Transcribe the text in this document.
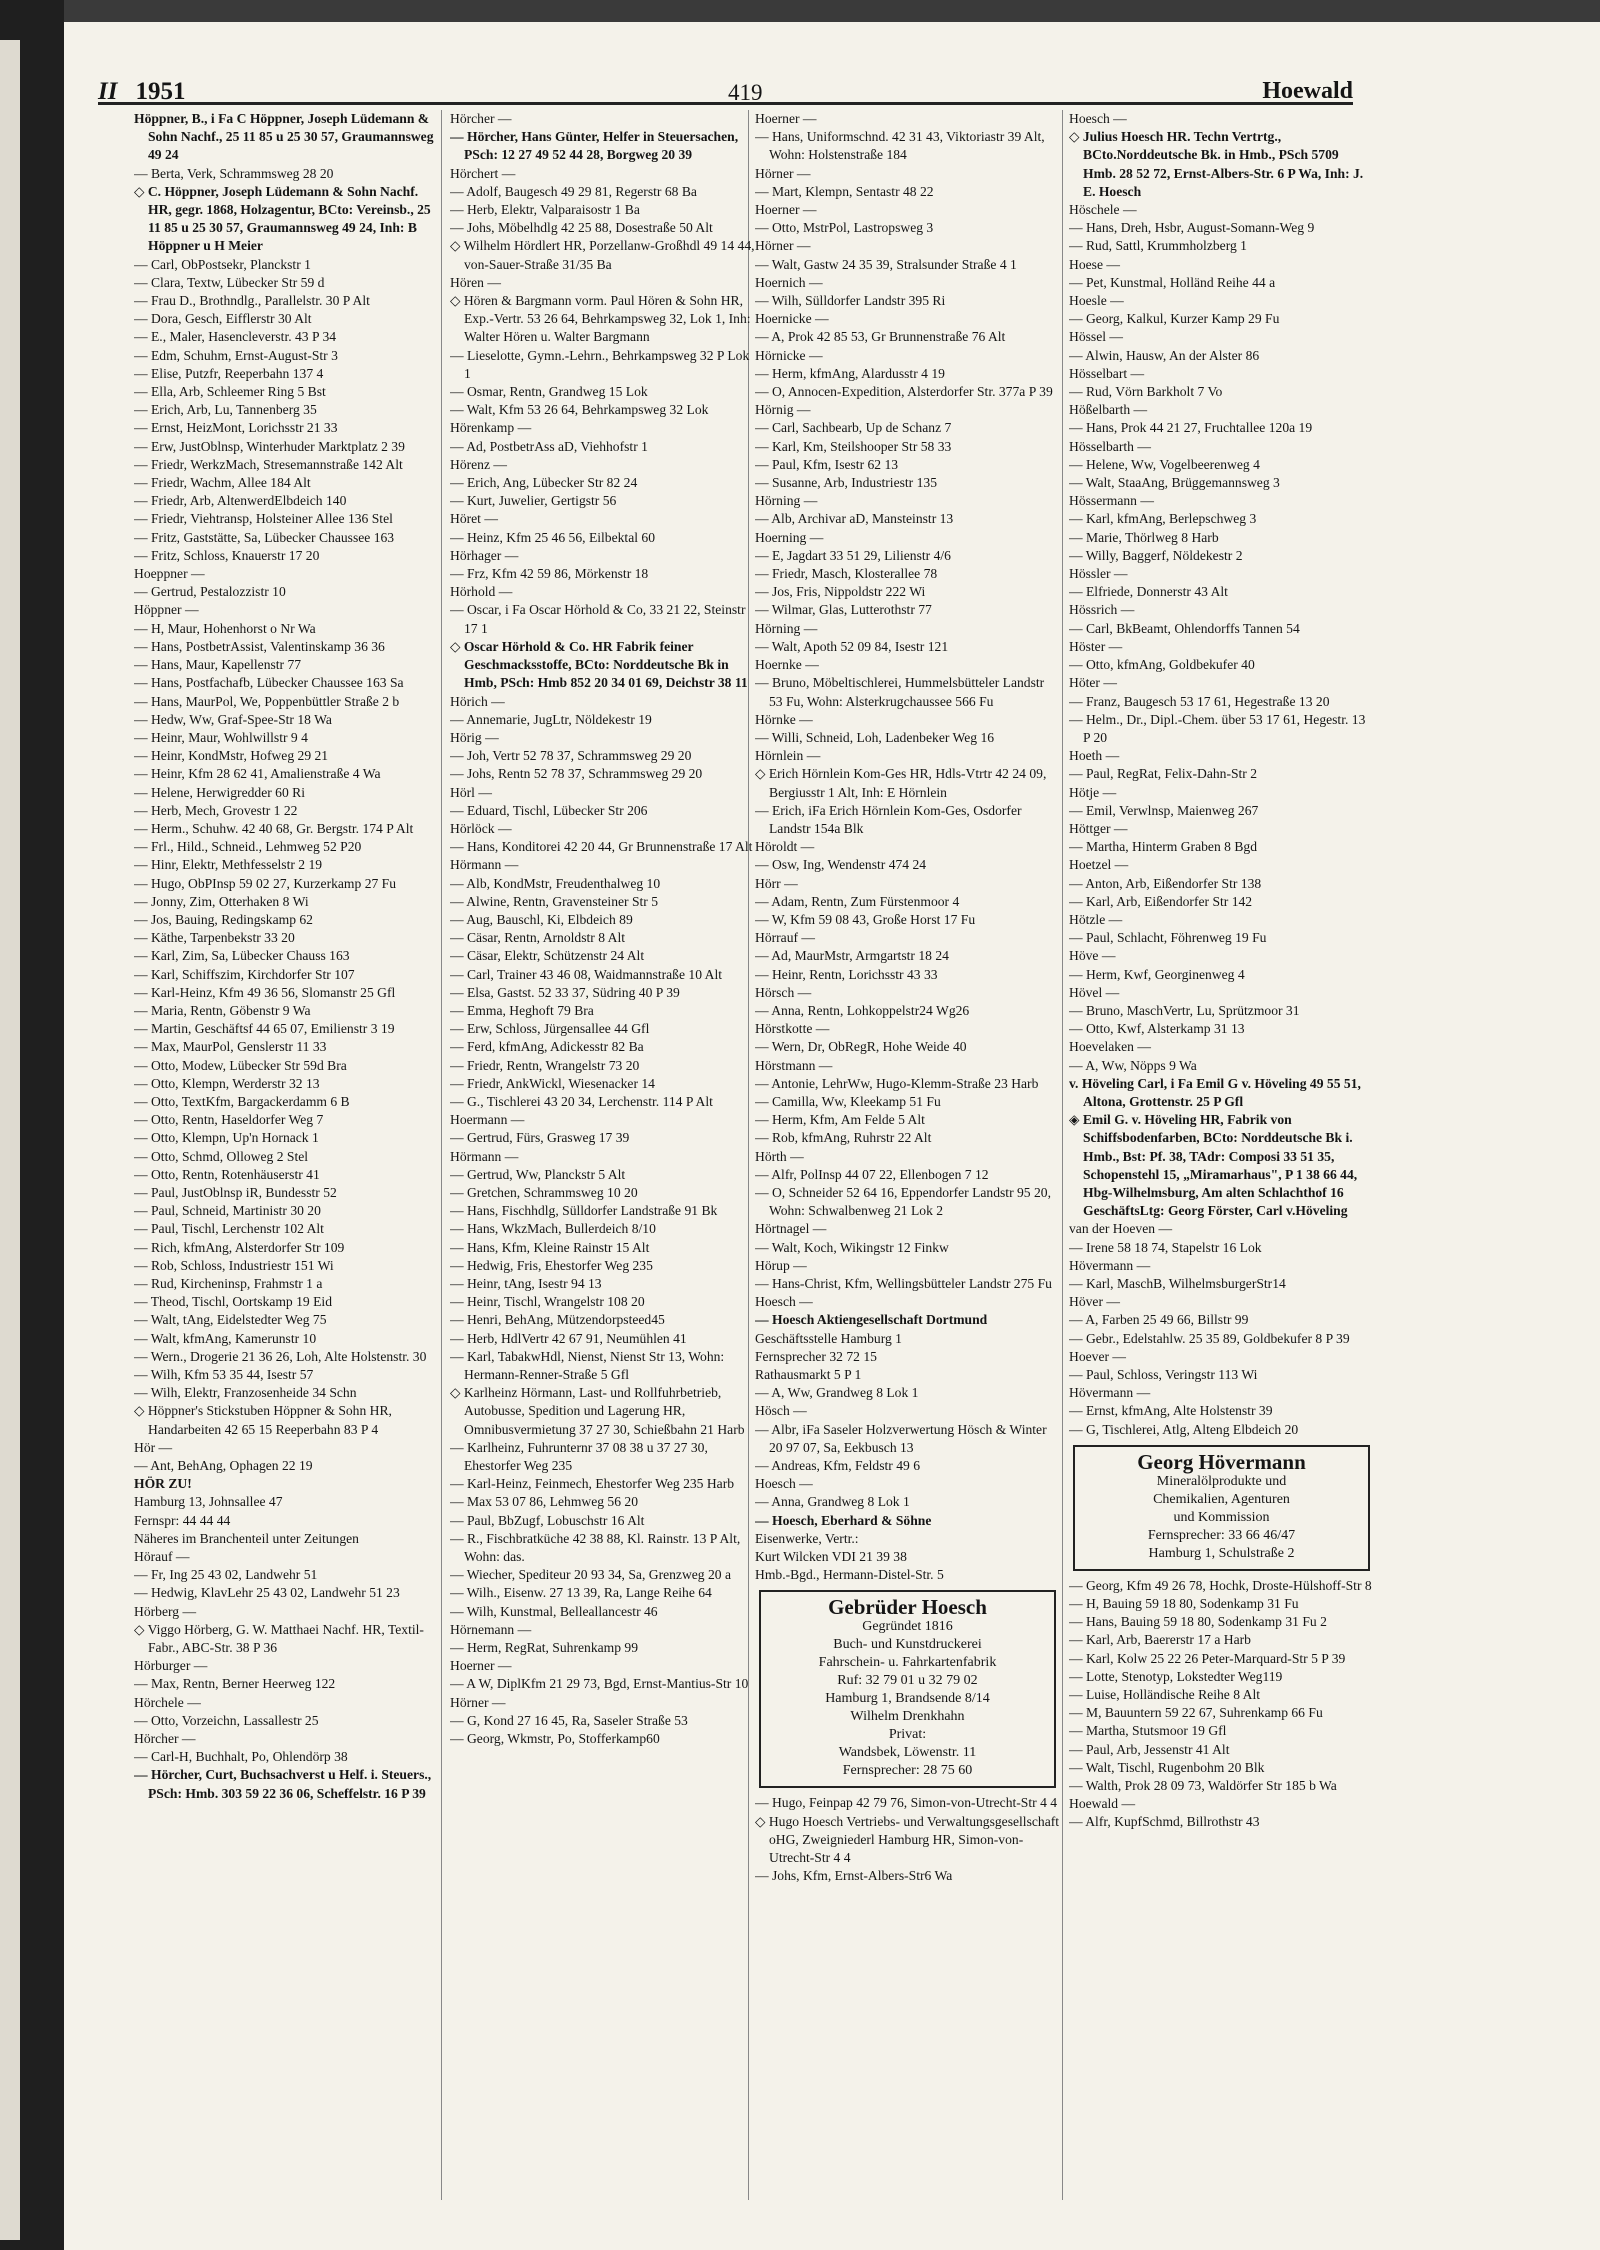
II 1951	419	Hoewald
Höppner, B., i Fa C Höppner, Joseph Lüdemann & Sohn Nachf., 25 11 85 u 25 30 57, Graumannsweg 49 24
— Berta, Verk, Schrammsweg 28 20
◇ C. Höppner, Joseph Lüdemann & Sohn Nachf. HR, gegr. 1868, Holzagentur, BCto: Vereinsb., 25 11 85 u 25 30 57, Graumannsweg 49 24, Inh: B Höppner u H Meier
— Carl, ObPostsekr, Planckstr 1
— Clara, Textw, Lübecker Str 59 d
— Frau D., Brothndlg., Parallelstr. 30 P Alt
— Dora, Gesch, Eifflerstr 30 Alt
— E., Maler, Hasencleverstr. 43 P 34
— Edm, Schuhm, Ernst-August-Str 3
— Elise, Putzfr, Reeperbahn 137 4
— Ella, Arb, Schleemer Ring 5 Bst
— Erich, Arb, Lu, Tannenberg 35
— Ernst, HeizMont, Lorichsstr 21 33
— Erw, JustOblnsp, Winterhuder Marktplatz 2 39
— Friedr, WerkzMach, Stresemannstraße 142 Alt
— Friedr, Wachm, Allee 184 Alt
— Friedr, Arb, AltenwerdElbdeich 140
— Friedr, Viehtransp, Holsteiner Allee 136 Stel
— Fritz, Gaststätte, Sa, Lübecker Chaussee 163
— Fritz, Schloss, Knauerstr 17 20
Hoeppner —
— Gertrud, Pestalozzistr 10
Höppner —
— H, Maur, Hohenhorst o Nr Wa
— Hans, PostbetrAssist, Valentinskamp 36 36
— Hans, Maur, Kapellenstr 77
— Hans, Postfachafb, Lübecker Chaussee 163 Sa
— Hans, MaurPol, We, Poppenbüttler Straße 2 b
— Hedw, Ww, Graf-Spee-Str 18 Wa
— Heinr, Maur, Wohlwillstr 9 4
— Heinr, KondMstr, Hofweg 29 21
— Heinr, Kfm 28 62 41, Amalienstraße 4 Wa
— Helene, Herwigredder 60 Ri
— Herb, Mech, Grovestr 1 22
— Herm., Schuhw. 42 40 68, Gr. Bergstr. 174 P Alt
— Frl., Hild., Schneid., Lehmweg 52 P20
— Hinr, Elektr, Methfesselstr 2 19
— Hugo, ObPInsp 59 02 27, Kurzerkamp 27 Fu
— Jonny, Zim, Otterhaken 8 Wi
— Jos, Bauing, Redingskamp 62
— Käthe, Tarpenbekstr 33 20
— Karl, Zim, Sa, Lübecker Chauss 163
— Karl, Schiffszim, Kirchdorfer Str 107
— Karl-Heinz, Kfm 49 36 56, Slomanstr 25 Gfl
— Maria, Rentn, Göbenstr 9 Wa
— Martin, Geschäftsf 44 65 07, Emilienstr 3 19
— Max, MaurPol, Genslerstr 11 33
— Otto, Modew, Lübecker Str 59d Bra
— Otto, Klempn, Werderstr 32 13
— Otto, TextKfm, Bargackerdamm 6 B
— Otto, Rentn, Haseldorfer Weg 7
— Otto, Klempn, Up'n Hornack 1
— Otto, Schmd, Olloweg 2 Stel
— Otto, Rentn, Rotenhäuserstr 41
— Paul, JustOblnsp iR, Bundesstr 52
— Paul, Schneid, Martinistr 30 20
— Paul, Tischl, Lerchenstr 102 Alt
— Rich, kfmAng, Alsterdorfer Str 109
— Rob, Schloss, Industriestr 151 Wi
— Rud, Kircheninsp, Frahmstr 1 a
— Theod, Tischl, Oortskamp 19 Eid
— Walt, tAng, Eidelstedter Weg 75
— Walt, kfmAng, Kamerunstr 10
— Wern., Drogerie 21 36 26, Loh, Alte Holstenstr. 30
— Wilh, Kfm 53 35 44, Isestr 57
— Wilh, Elektr, Franzosenheide 34 Schn
◇ Höppner's Stickstuben Höppner & Sohn HR, Handarbeiten 42 65 15 Reeperbahn 83 P 4
Hör —
— Ant, BehAng, Ophagen 22 19
HÖR ZU!
Hamburg 13, Johnsallee 47
Fernspr: 44 44 44
Näheres im Branchenteil unter Zeitungen
Hörauf —
— Fr, Ing 25 43 02, Landwehr 51
— Hedwig, KlavLehr 25 43 02, Landwehr 51 23
Hörberg —
◇ Viggo Hörberg, G. W. Matthaei Nachf. HR, Textil-Fabr., ABC-Str. 38 P 36
Hörburger —
— Max, Rentn, Berner Heerweg 122
Hörchele —
— Otto, Vorzeichn, Lassallestr 25
Hörcher —
— Carl-H, Buchhalt, Po, Ohlendörp 38
— Hörcher, Curt, Buchsachverst u Helf. i. Steuers., PSch: Hmb. 303 59 22 36 06, Scheffelstr. 16 P 39
Hörcher —
— Hörcher, Hans Günter, Helfer in Steuersachen, PSch: 12 27 49 52 44 28, Borgweg 20 39
Hörchert —
— Adolf, Baugesch 49 29 81, Regerstr 68 Ba
— Herb, Elektr, Valparaisostr 1 Ba
— Johs, Möbelhdlg 42 25 88, Dosestraße 50 Alt
◇ Wilhelm Hördlert HR, Porzellanw-Großhdl 49 14 44, von-Sauer-Straße 31/35 Ba
Hören —
◇ Hören & Bargmann vorm. Paul Hören & Sohn HR, Exp.-Vertr. 53 26 64, Behrkampsweg 32, Lok 1, Inh: Walter Hören u. Walter Bargmann
— Lieselotte, Gymn.-Lehrn., Behrkampsweg 32 P Lok 1
— Osmar, Rentn, Grandweg 15 Lok
— Walt, Kfm 53 26 64, Behrkampsweg 32 Lok
Hörenkamp —
— Ad, PostbetrAss aD, Viehhofstr 1
Hörenz —
— Erich, Ang, Lübecker Str 82 24
— Kurt, Juwelier, Gertigstr 56
Höret —
— Heinz, Kfm 25 46 56, Eilbektal 60
Hörhager —
— Frz, Kfm 42 59 86, Mörkenstr 18
Hörhold —
— Oscar, i Fa Oscar Hörhold & Co, 33 21 22, Steinstr 17 1
◇ Oscar Hörhold & Co. HR Fabrik feiner Geschmacksstoffe, BCto: Norddeutsche Bk in Hmb, PSch: Hmb 852 20 34 01 69, Deichstr 38 11
Hörich —
— Annemarie, JugLtr, Nöldekestr 19
Hörig —
— Joh, Vertr 52 78 37, Schrammsweg 29 20
— Johs, Rentn 52 78 37, Schrammsweg 29 20
Hörl —
— Eduard, Tischl, Lübecker Str 206
Hörlöck —
— Hans, Konditorei 42 20 44, Gr Brunnenstraße 17 Alt
Hörmann —
— Alb, KondMstr, Freudenthalweg 10
— Alwine, Rentn, Gravensteiner Str 5
— Aug, Bauschl, Ki, Elbdeich 89
— Cäsar, Rentn, Arnoldstr 8 Alt
— Cäsar, Elektr, Schützenstr 24 Alt
— Carl, Trainer 43 46 08, Waidmannstraße 10 Alt
— Elsa, Gastst. 52 33 37, Südring 40 P 39
— Emma, Heghoft 79 Bra
— Erw, Schloss, Jürgensallee 44 Gfl
— Ferd, kfmAng, Adickesstr 82 Ba
— Friedr, Rentn, Wrangelstr 73 20
— Friedr, AnkWickl, Wiesenacker 14
— G., Tischlerei 43 20 34, Lerchenstr. 114 P Alt
Hoermann —
— Gertrud, Fürs, Grasweg 17 39
Hörmann —
— Gertrud, Ww, Planckstr 5 Alt
— Gretchen, Schrammsweg 10 20
— Hans, Fischhdlg, Sülldorfer Landstraße 91 Bk
— Hans, WkzMach, Bullerdeich 8/10
— Hans, Kfm, Kleine Rainstr 15 Alt
— Hedwig, Fris, Ehestorfer Weg 235
— Heinr, tAng, Isestr 94 13
— Heinr, Tischl, Wrangelstr 108 20
— Henri, BehAng, Mützendorpsteed45
— Herb, HdlVertr 42 67 91, Neumühlen 41
— Karl, TabakwHdl, Nienst, Nienst Str 13, Wohn: Hermann-Renner-Straße 5 Gfl
◇ Karlheinz Hörmann, Last- und Rollfuhrbetrieb, Autobusse, Spedition und Lagerung HR, Omnibusvermietung 37 27 30, Schießbahn 21 Harb
— Karlheinz, Fuhrunternr 37 08 38 u 37 27 30, Ehestorfer Weg 235
— Karl-Heinz, Feinmech, Ehestorfer Weg 235 Harb
— Max 53 07 86, Lehmweg 56 20
— Paul, BbZugf, Lobuschstr 16 Alt
— R., Fischbratküche 42 38 88, Kl. Rainstr. 13 P Alt, Wohn: das.
— Wiecher, Spediteur 20 93 34, Sa, Grenzweg 20 a
— Wilh., Eisenw. 27 13 39, Ra, Lange Reihe 64
— Wilh, Kunstmal, Belleallancestr 46
Hörnemann —
— Herm, RegRat, Suhrenkamp 99
Hoerner —
— A W, DiplKfm 21 29 73, Bgd, Ernst-Mantius-Str 10
Hörner —
— G, Kond 27 16 45, Ra, Saseler Straße 53
— Georg, Wkmstr, Po, Stofferkamp60
Hoerner —
— Hans, Uniformschnd. 42 31 43, Viktoriastr 39 Alt, Wohn: Holstenstraße 184
Hörner —
— Mart, Klempn, Sentastr 48 22
Hoerner —
— Otto, MstrPol, Lastropsweg 3
Hörner —
— Walt, Gastw 24 35 39, Stralsunder Straße 4 1
Hoernich —
— Wilh, Sülldorfer Landstr 395 Ri
Hoernicke —
— A, Prok 42 85 53, Gr Brunnenstraße 76 Alt
Hörnicke —
— Herm, kfmAng, Alardusstr 4 19
— O, Annocen-Expedition, Alsterdorfer Str. 377a P 39
Hörnig —
— Carl, Sachbearb, Up de Schanz 7
— Karl, Km, Steilshooper Str 58 33
— Paul, Kfm, Isestr 62 13
— Susanne, Arb, Industriestr 135
Hörning —
— Alb, Archivar aD, Mansteinstr 13
Hoerning —
— E, Jagdart 33 51 29, Lilienstr 4/6
— Friedr, Masch, Klosterallee 78
— Jos, Fris, Nippoldstr 222 Wi
— Wilmar, Glas, Lutterothstr 77
Hörning —
— Walt, Apoth 52 09 84, Isestr 121
Hoernke —
— Bruno, Möbeltischlerei, Hummelsbütteler Landstr 53 Fu, Wohn: Alsterkrugchaussee 566 Fu
Hörnke —
— Willi, Schneid, Loh, Ladenbeker Weg 16
Hörnlein —
◇ Erich Hörnlein Kom-Ges HR, Hdls-Vtrtr 42 24 09, Bergiusstr 1 Alt, Inh: E Hörnlein
— Erich, iFa Erich Hörnlein Kom-Ges, Osdorfer Landstr 154a Blk
Höroldt —
— Osw, Ing, Wendenstr 474 24
Hörr —
— Adam, Rentn, Zum Fürstenmoor 4
— W, Kfm 59 08 43, Große Horst 17 Fu
Hörrauf —
— Ad, MaurMstr, Armgartstr 18 24
— Heinr, Rentn, Lorichsstr 43 33
Hörsch —
— Anna, Rentn, Lohkoppelstr24 Wg26
Hörstkotte —
— Wern, Dr, ObRegR, Hohe Weide 40
Hörstmann —
— Antonie, LehrWw, Hugo-Klemm-Straße 23 Harb
— Camilla, Ww, Kleekamp 51 Fu
— Herm, Kfm, Am Felde 5 Alt
— Rob, kfmAng, Ruhrstr 22 Alt
Hörth —
— Alfr, PolInsp 44 07 22, Ellenbogen 7 12
— O, Schneider 52 64 16, Eppendorfer Landstr 95 20, Wohn: Schwalbenweg 21 Lok 2
Hörtnagel —
— Walt, Koch, Wikingstr 12 Finkw
Hörup —
— Hans-Christ, Kfm, Wellingsbütteler Landstr 275 Fu
Hoesch —
— Hoesch Aktiengesellschaft Dortmund
Geschäftsstelle Hamburg 1
Fernsprecher 32 72 15
Rathausmarkt 5 P 1
— A, Ww, Grandweg 8 Lok 1
Hösch —
— Albr, iFa Saseler Holzverwertung Hösch & Winter 20 97 07, Sa, Eekbusch 13
— Andreas, Kfm, Feldstr 49 6
Hoesch —
— Anna, Grandweg 8 Lok 1
— Hoesch, Eberhard & Söhne
Eisenwerke, Vertr.:
Kurt Wilcken VDI 21 39 38
Hmb.-Bgd., Hermann-Distel-Str. 5
Gebrüder Hoesch
Gegründet 1816
Buch- und Kunstdruckerei
Fahrschein- u. Fahrkartenfabrik
Ruf: 32 79 01 u 32 79 02
Hamburg 1, Brandsende 8/14
Wilhelm Drenkhahn
Privat:
Wandsbek, Löwenstr. 11
Fernsprecher: 28 75 60
— Hugo, Feinpap 42 79 76, Simon-von-Utrecht-Str 4 4
◇ Hugo Hoesch Vertriebs- und Verwaltungsgesellschaft oHG, Zweigniederl Hamburg HR, Simon-von-Utrecht-Str 4 4
— Johs, Kfm, Ernst-Albers-Str6 Wa
Hoesch —
◇ Julius Hoesch HR. Techn Vertrtg., BCto.Norddeutsche Bk. in Hmb., PSch 5709 Hmb. 28 52 72, Ernst-Albers-Str. 6 P Wa, Inh: J. E. Hoesch
Höschele —
— Hans, Dreh, Hsbr, August-Somann-Weg 9
— Rud, Sattl, Krummholzberg 1
Hoese —
— Pet, Kunstmal, Holländ Reihe 44 a
Hoesle —
— Georg, Kalkul, Kurzer Kamp 29 Fu
Hössel —
— Alwin, Hausw, An der Alster 86
Hösselbart —
— Rud, Vörn Barkholt 7 Vo
Hößelbarth —
— Hans, Prok 44 21 27, Fruchtallee 120a 19
Hösselbarth —
— Helene, Ww, Vogelbeerenweg 4
— Walt, StaaAng, Brüggemannsweg 3
Hössermann —
— Karl, kfmAng, Berlepschweg 3
— Marie, Thörlweg 8 Harb
— Willy, Baggerf, Nöldekestr 2
Hössler —
— Elfriede, Donnerstr 43 Alt
Hössrich —
— Carl, BkBeamt, Ohlendorffs Tannen 54
Höster —
— Otto, kfmAng, Goldbekufer 40
Höter —
— Franz, Baugesch 53 17 61, Hegestraße 13 20
— Helm., Dr., Dipl.-Chem. über 53 17 61, Hegestr. 13 P 20
Hoeth —
— Paul, RegRat, Felix-Dahn-Str 2
Hötje —
— Emil, Verwlnsp, Maienweg 267
Höttger —
— Martha, Hinterm Graben 8 Bgd
Hoetzel —
— Anton, Arb, Eißendorfer Str 138
— Karl, Arb, Eißendorfer Str 142
Hötzle —
— Paul, Schlacht, Föhrenweg 19 Fu
Höve —
— Herm, Kwf, Georginenweg 4
Hövel —
— Bruno, MaschVertr, Lu, Sprützmoor 31
— Otto, Kwf, Alsterkamp 31 13
Hoevelaken —
— A, Ww, Nöpps 9 Wa
v. Höveling Carl, i Fa Emil G v. Höveling 49 55 51, Altona, Grottenstr. 25 P Gfl
◈ Emil G. v. Höveling HR, Fabrik von Schiffsbodenfarben, BCto: Norddeutsche Bk i. Hmb., Bst: Pf. 38, TAdr: Composi 33 51 35, Schopenstehl 15, „Miramarhaus", P 1 38 66 44, Hbg-Wilhelmsburg, Am alten Schlachthof 16 GeschäftsLtg: Georg Förster, Carl v.Höveling
van der Hoeven —
— Irene 58 18 74, Stapelstr 16 Lok
Hövermann —
— Karl, MaschB, WilhelmsburgerStr14
Höver —
— A, Farben 25 49 66, Billstr 99
— Gebr., Edelstahlw. 25 35 89, Goldbekufer 8 P 39
Hoever —
— Paul, Schloss, Veringstr 113 Wi
Hövermann —
— Ernst, kfmAng, Alte Holstenstr 39
— G, Tischlerei, Atlg, Alteng Elbdeich 20
Georg Hövermann
Mineralölprodukte und
Chemikalien, Agenturen
und Kommission
Fernsprecher: 33 66 46/47
Hamburg 1, Schulstraße 2
— Georg, Kfm 49 26 78, Hochk, Droste-Hülshoff-Str 8
— H, Bauing 59 18 80, Sodenkamp 31 Fu
— Hans, Bauing 59 18 80, Sodenkamp 31 Fu 2
— Karl, Arb, Baererstr 17 a Harb
— Karl, Kolw 25 22 26 Peter-Marquard-Str 5 P 39
— Lotte, Stenotyp, Lokstedter Weg119
— Luise, Holländische Reihe 8 Alt
— M, Bauuntern 59 22 67, Suhrenkamp 66 Fu
— Martha, Stutsmoor 19 Gfl
— Paul, Arb, Jessenstr 41 Alt
— Walt, Tischl, Rugenbohm 20 Blk
— Walth, Prok 28 09 73, Waldörfer Str 185 b Wa
Hoewald —
— Alfr, KupfSchmd, Billrothstr 43
